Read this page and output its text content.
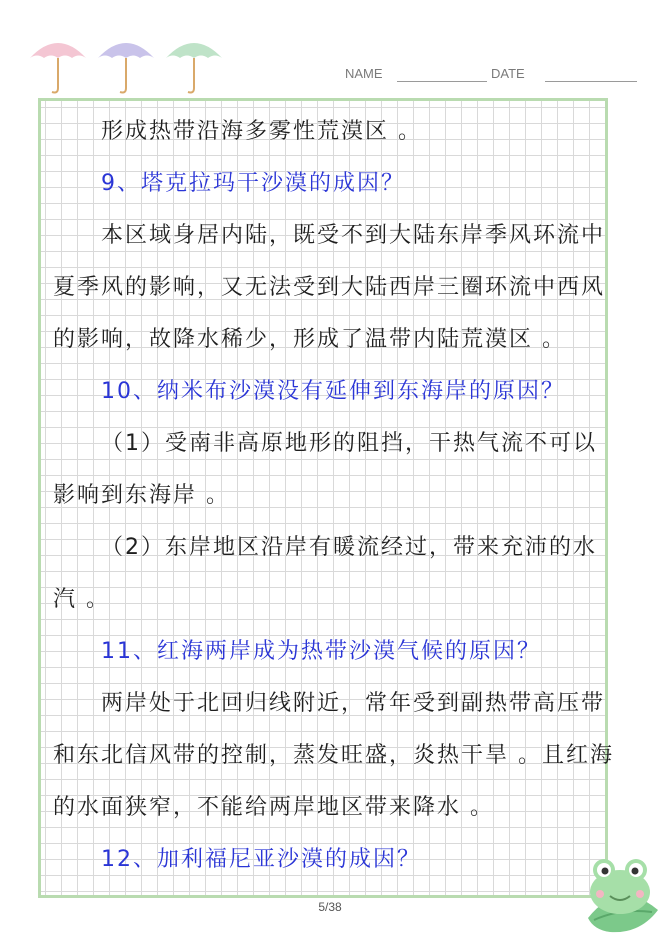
NAME	DATE
形成热带沿海多雾性荒漠区 。
9、塔克拉玛干沙漠的成因？
本区域身居内陆，既受不到大陆东岸季风环流中
夏季风的影响，又无法受到大陆西岸三圈环流中西风
的影响，故降水稀少，形成了温带内陆荒漠区 。
10、纳米布沙漠没有延伸到东海岸的原因？
（1）受南非高原地形的阻挡，干热气流不可以
影响到东海岸 。
（2）东岸地区沿岸有暖流经过，带来充沛的水
汽 。
11、红海两岸成为热带沙漠气候的原因？
两岸处于北回归线附近，常年受到副热带高压带
和东北信风带的控制，蒸发旺盛，炎热干旱 。且红海
的水面狭窄，不能给两岸地区带来降水 。
12、加利福尼亚沙漠的成因？
5/38
